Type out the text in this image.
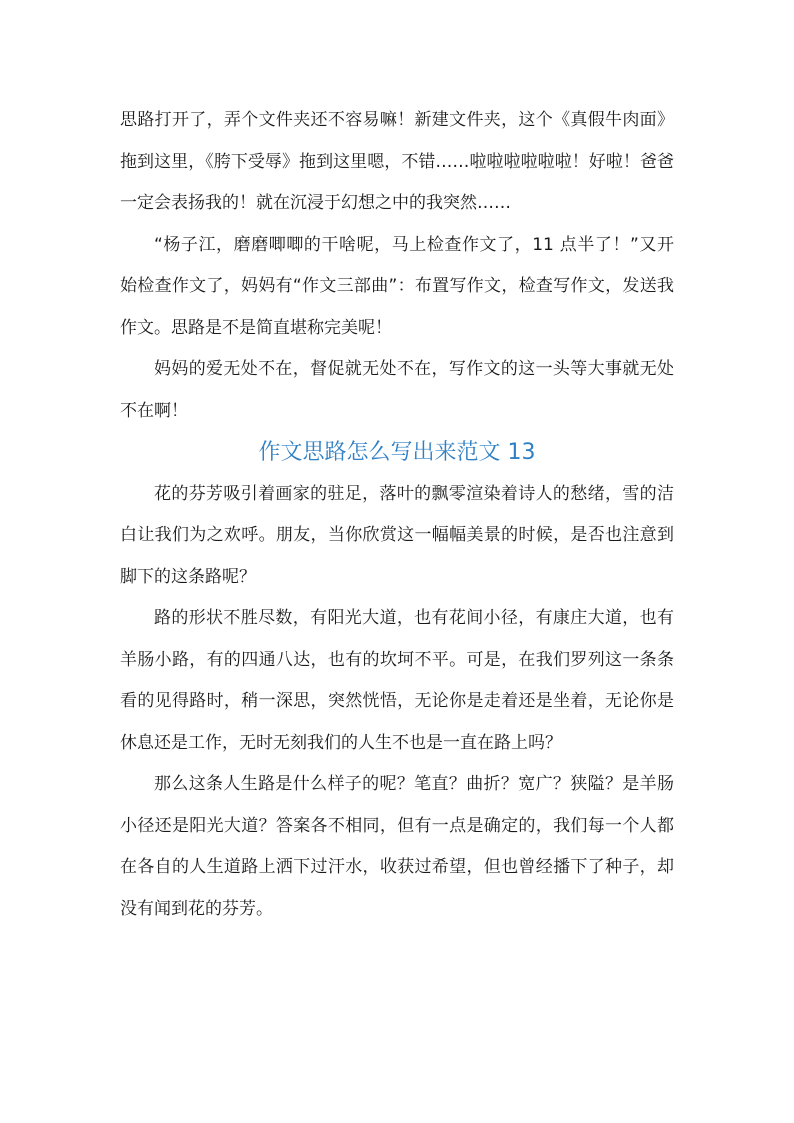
思路打开了，弄个文件夹还不容易嘛！新建文件夹，这个《真假牛肉面》拖到这里，《胯下受辱》拖到这里嗯，不错……啦啦啦啦啦啦！好啦！爸爸一定会表扬我的！就在沉浸于幻想之中的我突然……

“杨子江，磨磨唧唧的干啥呢，马上检查作文了，11 点半了！”又开始检查作文了，妈妈有“作文三部曲”：布置写作文，检查写作文，发送我作文。思路是不是简直堪称完美呢！

妈妈的爱无处不在，督促就无处不在，写作文的这一头等大事就无处不在啊！

作文思路怎么写出来范文 13

花的芬芳吸引着画家的驻足，落叶的飘零渲染着诗人的愁绪，雪的洁白让我们为之欢呼。朋友，当你欣赏这一幅幅美景的时候，是否也注意到脚下的这条路呢？

路的形状不胜尽数，有阳光大道，也有花间小径，有康庄大道，也有羊肠小路，有的四通八达，也有的坎坷不平。可是，在我们罗列这一条条看的见得路时，稍一深思，突然恍悟，无论你是走着还是坐着，无论你是休息还是工作，无时无刻我们的人生不也是一直在路上吗？

那么这条人生路是什么样子的呢？笔直？曲折？宽广？狭隘？是羊肠小径还是阳光大道？答案各不相同，但有一点是确定的，我们每一个人都在各自的人生道路上洒下过汗水，收获过希望，但也曾经播下了种子，却没有闻到花的芬芳。
